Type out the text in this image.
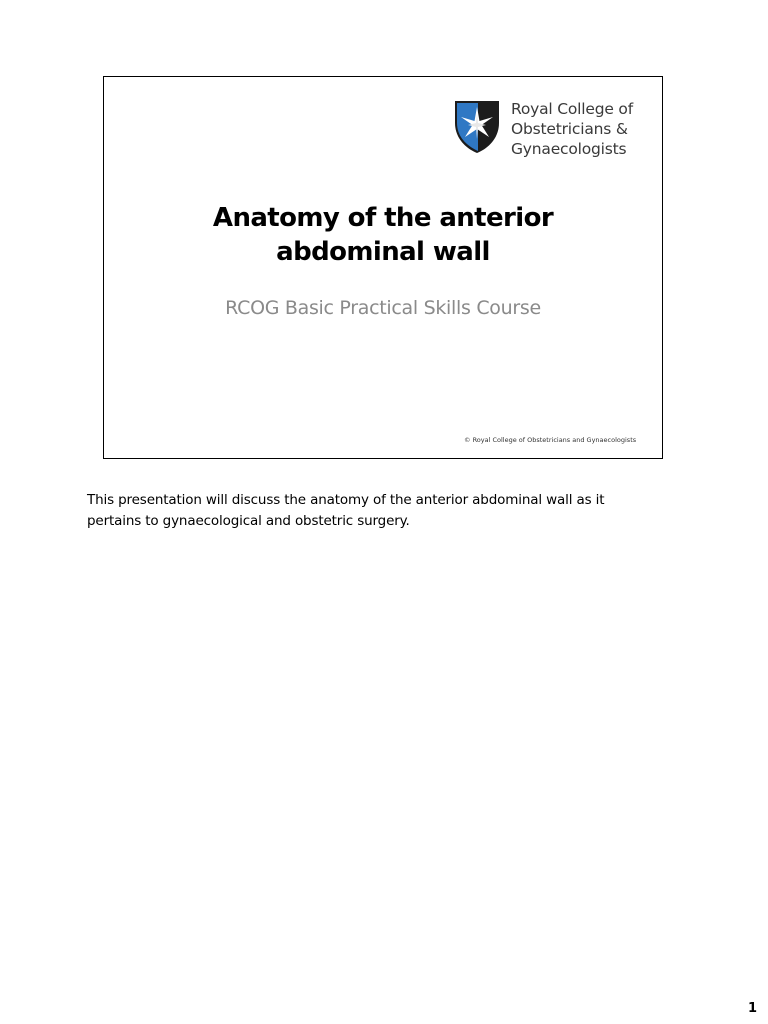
Royal College of
Obstetricians &
Gynaecologists
Anatomy of the anterior
abdominal wall
RCOG Basic Practical Skills Course
© Royal College of Obstetricians and Gynaecologists
This presentation will discuss the anatomy of the anterior abdominal wall as it
pertains to gynaecological and obstetric surgery.
1
